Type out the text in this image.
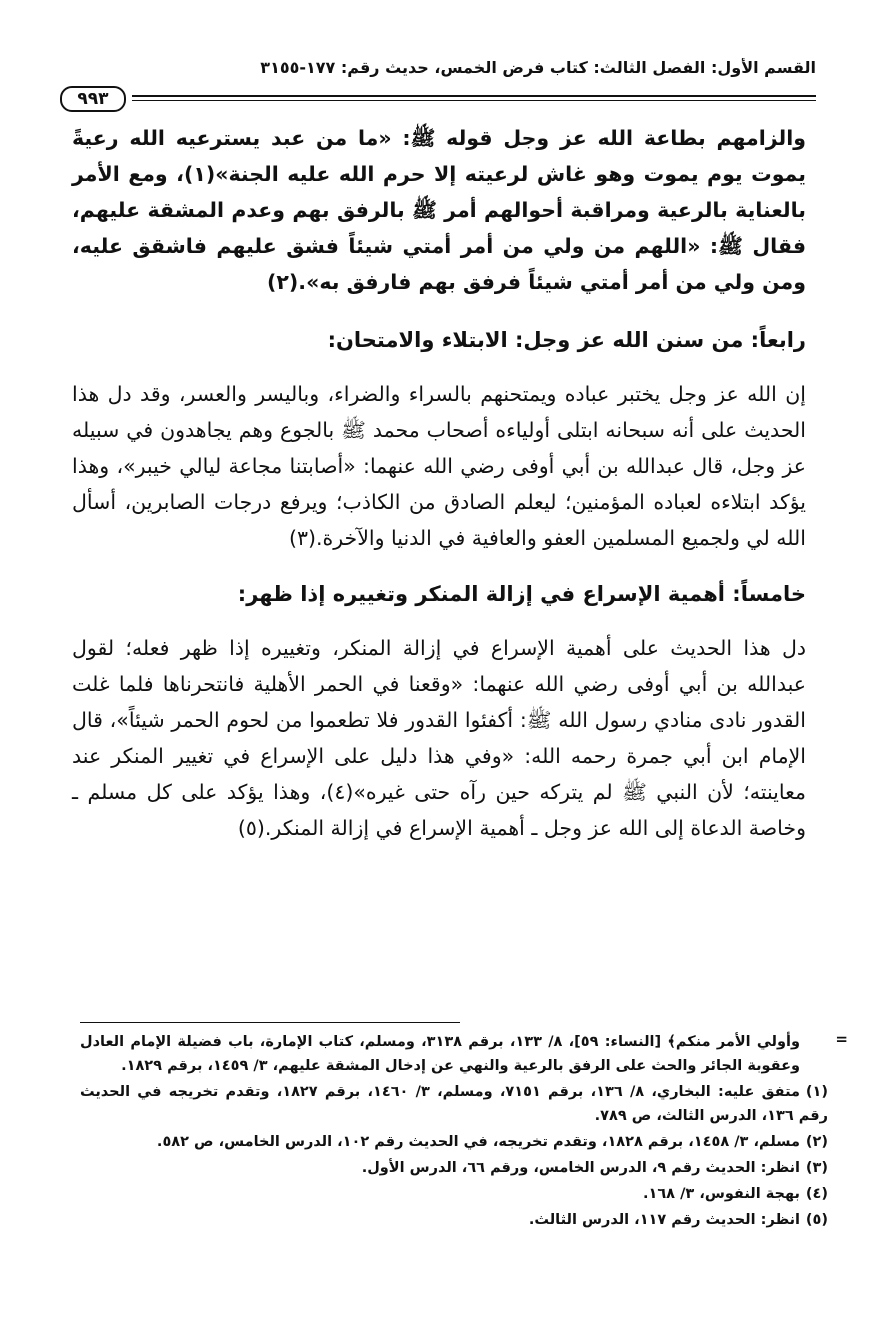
القسم الأول: الفصل الثالث: كتاب فرض الخمس، حديث رقم: ١٧٧-٣١٥٥
٩٩٣

والزامهم بطاعة الله عز وجل قوله ﷺ: «ما من عبد يسترعيه الله رعيةً يموت يوم يموت وهو غاش لرعيته إلا حرم الله عليه الجنة»(١)، ومع الأمر بالعناية بالرعية ومراقبة أحوالهم أمر ﷺ بالرفق بهم وعدم المشقة عليهم، فقال ﷺ: «اللهم من ولي من أمر أمتي شيئاً فشق عليهم فاشقق عليه، ومن ولي من أمر أمتي شيئاً فرفق بهم فارفق به».(٢)

رابعاً: من سنن الله عز وجل: الابتلاء والامتحان:

إن الله عز وجل يختبر عباده ويمتحنهم بالسراء والضراء، وباليسر والعسر، وقد دل هذا الحديث على أنه سبحانه ابتلى أولياءه أصحاب محمد ﷺ بالجوع وهم يجاهدون في سبيله عز وجل، قال عبدالله بن أبي أوفى رضي الله عنهما: «أصابتنا مجاعة ليالي خيبر»، وهذا يؤكد ابتلاءه لعباده المؤمنين؛ ليعلم الصادق من الكاذب؛ ويرفع درجات الصابرين، أسأل الله لي ولجميع المسلمين العفو والعافية في الدنيا والآخرة.(٣)

خامساً: أهمية الإسراع في إزالة المنكر وتغييره إذا ظهر:

دل هذا الحديث على أهمية الإسراع في إزالة المنكر، وتغييره إذا ظهر فعله؛ لقول عبدالله بن أبي أوفى رضي الله عنهما: «وقعنا في الحمر الأهلية فانتحرناها فلما غلت القدور نادى منادي رسول الله ﷺ: أكفئوا القدور فلا تطعموا من لحوم الحمر شيئاً»، قال الإمام ابن أبي جمرة رحمه الله: «وفي هذا دليل على الإسراع في تغيير المنكر عند معاينته؛ لأن النبي ﷺ لم يتركه حين رآه حتى غيره»(٤)، وهذا يؤكد على كل مسلم ـ وخاصة الدعاة إلى الله عز وجل ـ أهمية الإسراع في إزالة المنكر.(٥)

=

وأولي الأمر منكم﴾ [النساء: ٥٩]، ٨/ ١٣٣، برقم ٣١٣٨، ومسلم، كتاب الإمارة، باب فضيلة الإمام العادل وعقوبة الجائر والحث على الرفق بالرعية والنهي عن إدخال المشقة عليهم، ٣/ ١٤٥٩، برقم ١٨٢٩.

(١)متفق عليه: البخاري، ٨/ ١٣٦، برقم ٧١٥١، ومسلم، ٣/ ١٤٦٠، برقم ١٨٢٧، وتقدم تخريجه في الحديث رقم ١٣٦، الدرس الثالث، ص ٧٨٩.

(٢)مسلم، ٣/ ١٤٥٨، برقم ١٨٢٨، وتقدم تخريجه، في الحديث رقم ١٠٢، الدرس الخامس، ص ٥٨٢.

(٣)انظر: الحديث رقم ٩، الدرس الخامس، ورقم ٦٦، الدرس الأول.

(٤)بهجة النفوس، ٣/ ١٦٨.

(٥)انظر: الحديث رقم ١١٧، الدرس الثالث.
